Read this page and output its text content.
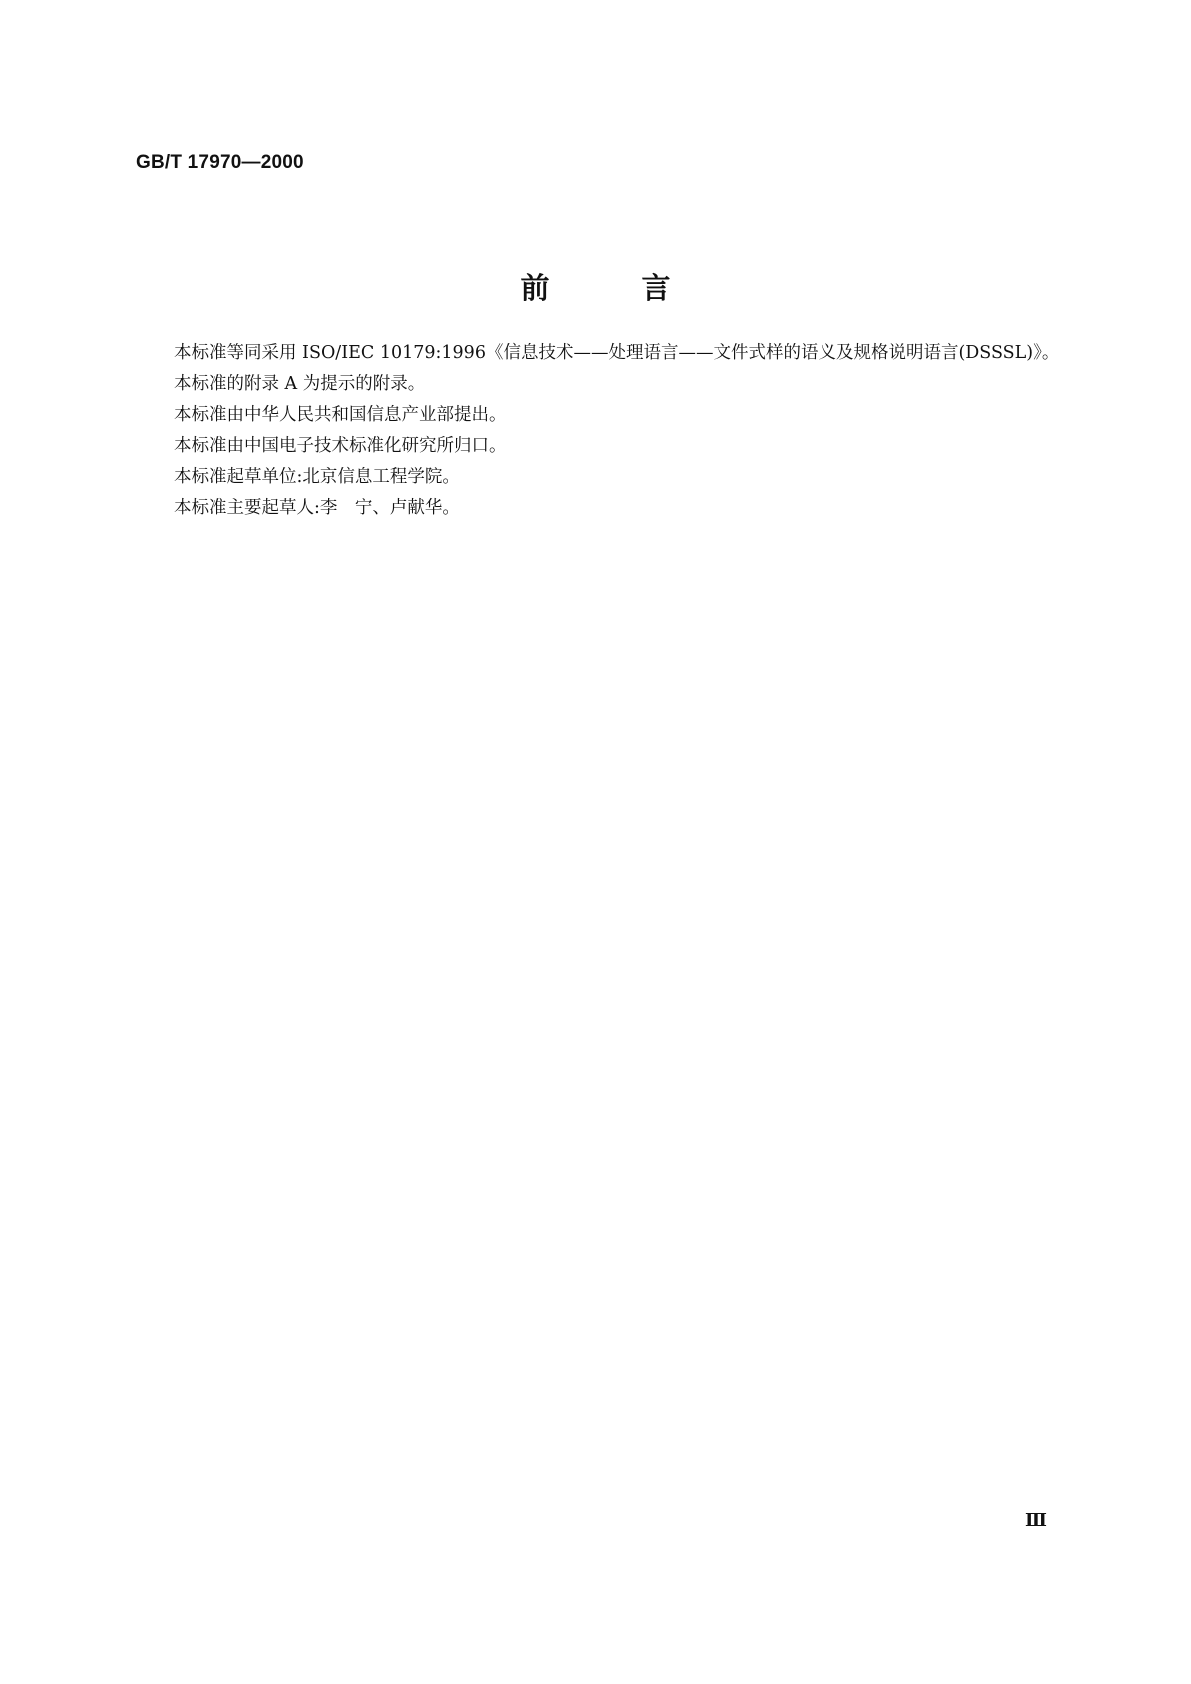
GB/T 17970—2000
前	言

本标准等同采用 ISO/IEC 10179:1996《信息技术——处理语言——文件式样的语义及规格说明语言(DSSSL)》。

本标准的附录 A 为提示的附录。

本标准由中华人民共和国信息产业部提出。

本标准由中国电子技术标准化研究所归口。

本标准起草单位:北京信息工程学院。

本标准主要起草人:李　宁、卢献华。

Ⅲ
